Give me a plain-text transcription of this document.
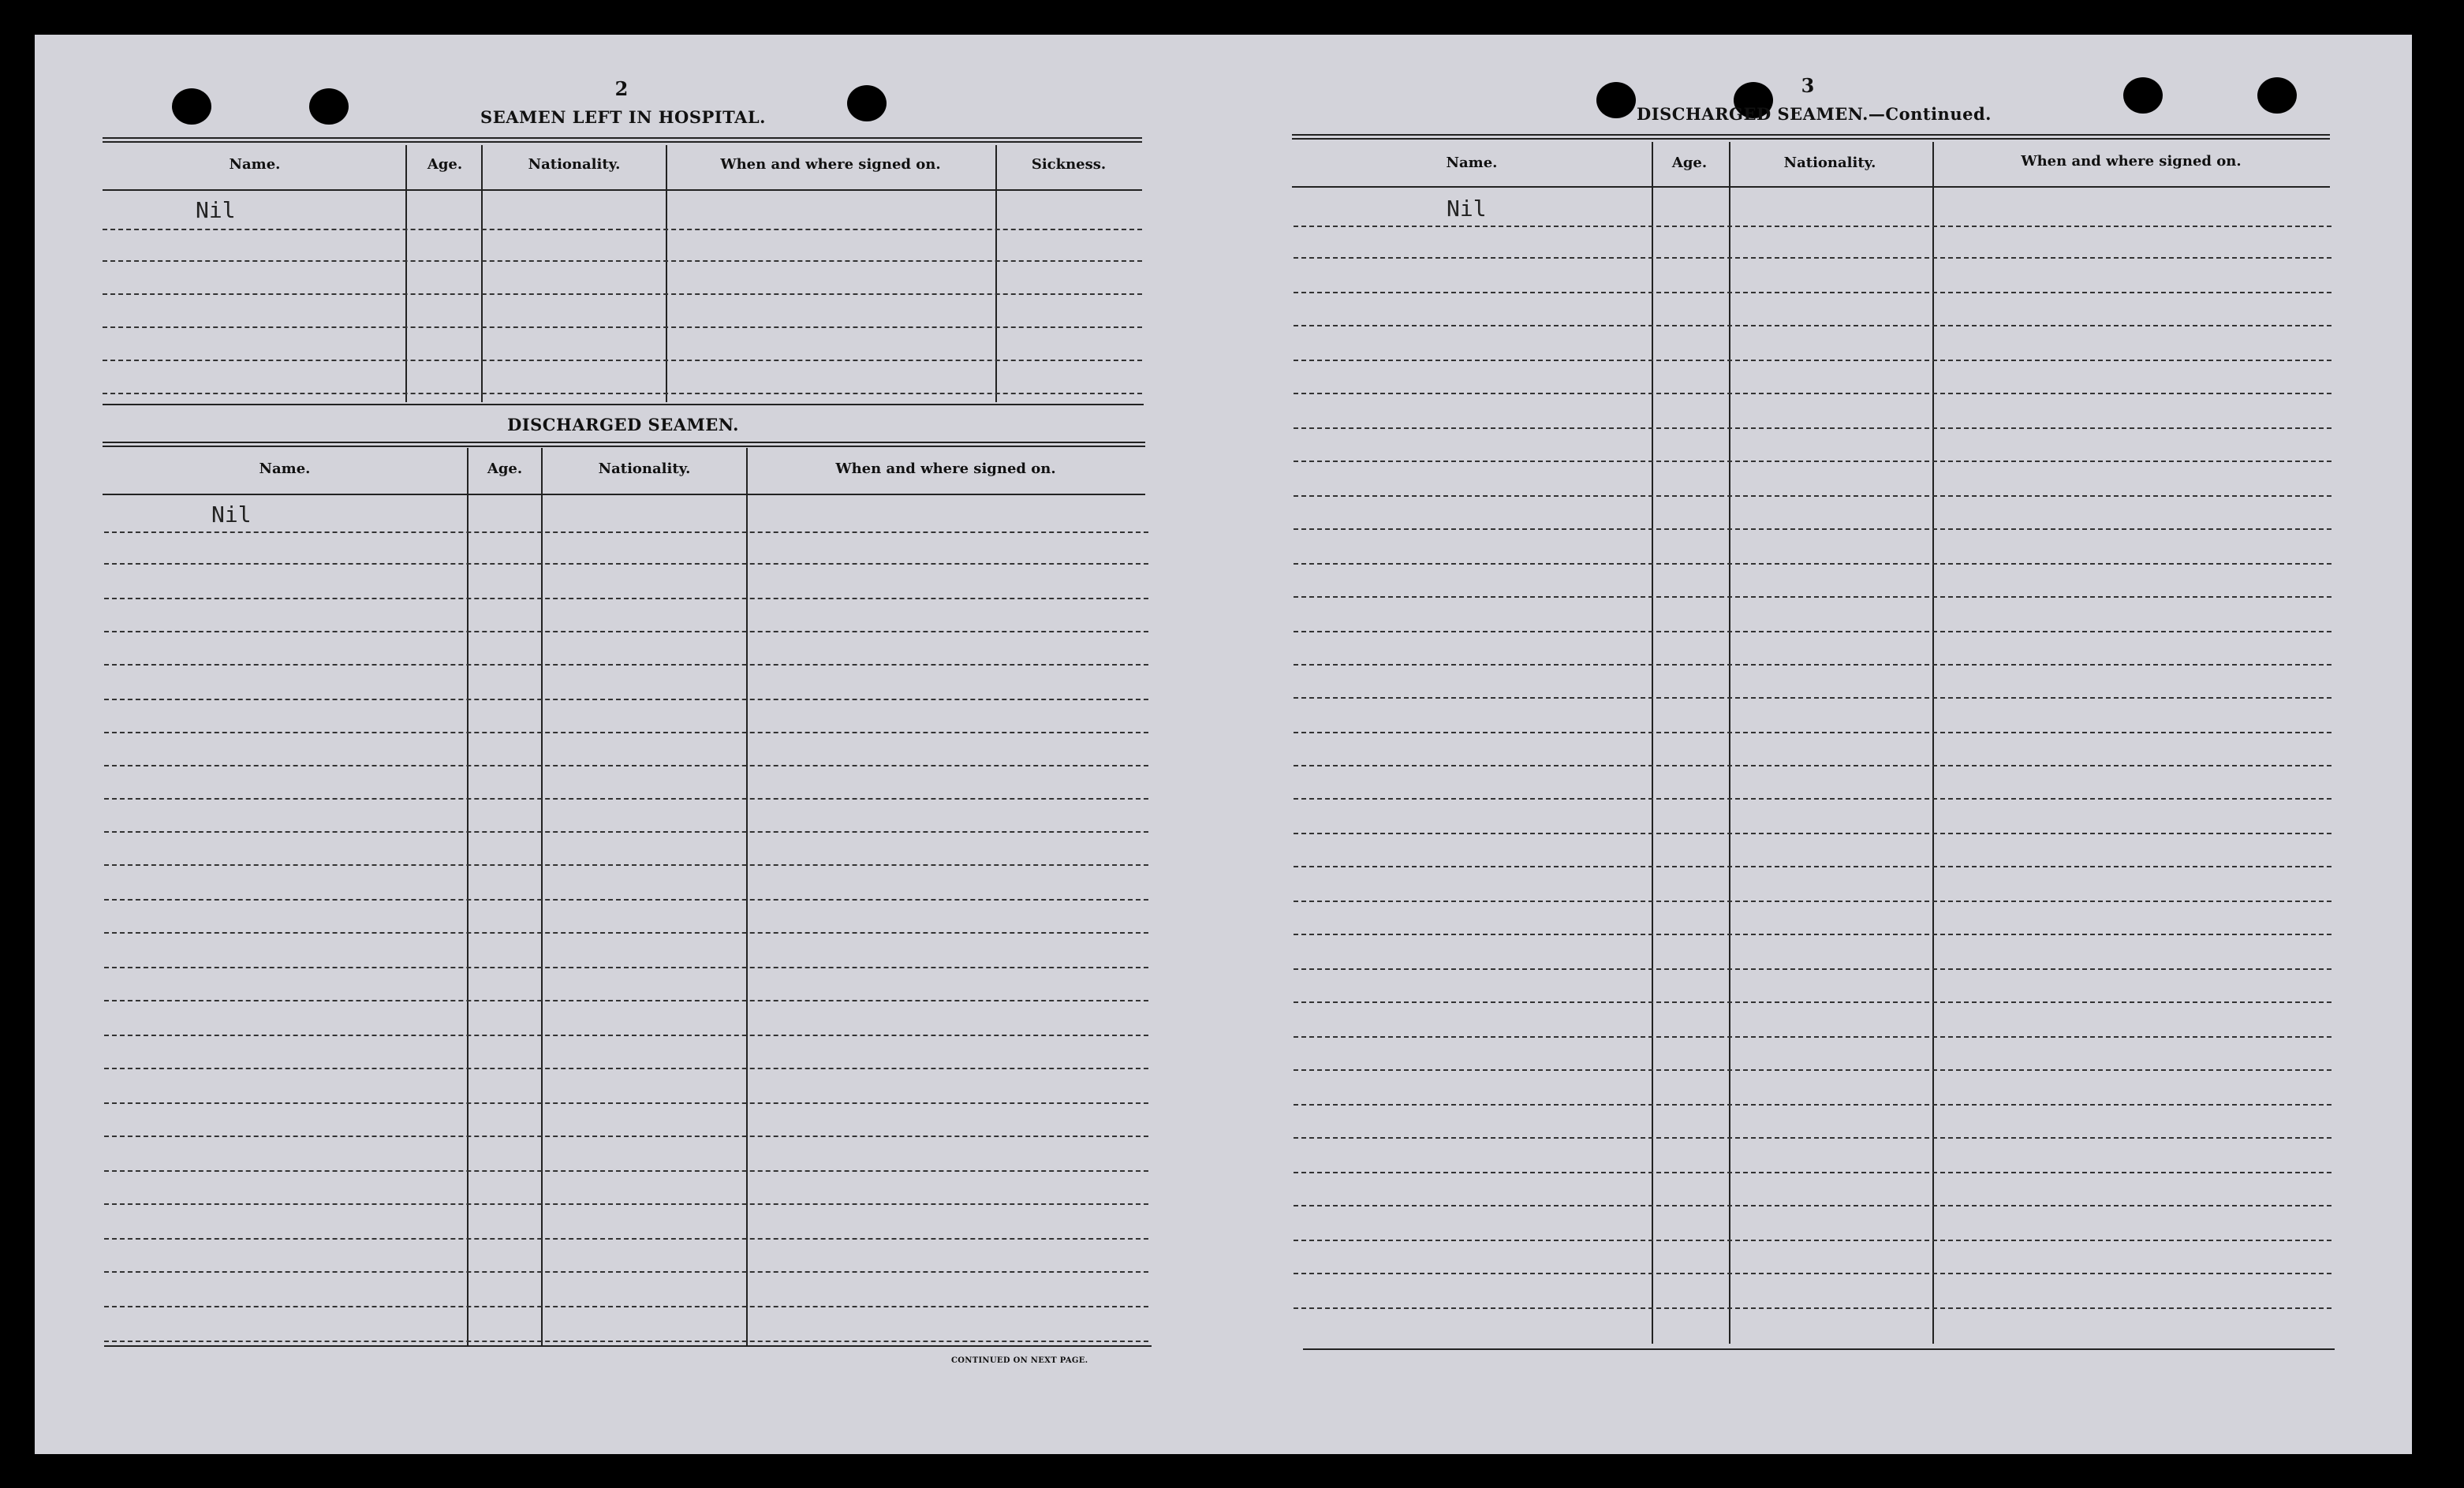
2
SEAMEN LEFT IN HOSPITAL.
Name.	Age.	Nationality.	When and where signed on.	Sickness.
Nil
DISCHARGED SEAMEN.
Name.	Age.	Nationality.	When and where signed on.
Nil
CONTINUED ON NEXT PAGE.
3
DISCHARGED SEAMEN.—Continued.
Name.	Age.	Nationality.	When and where signed on.
Nil
